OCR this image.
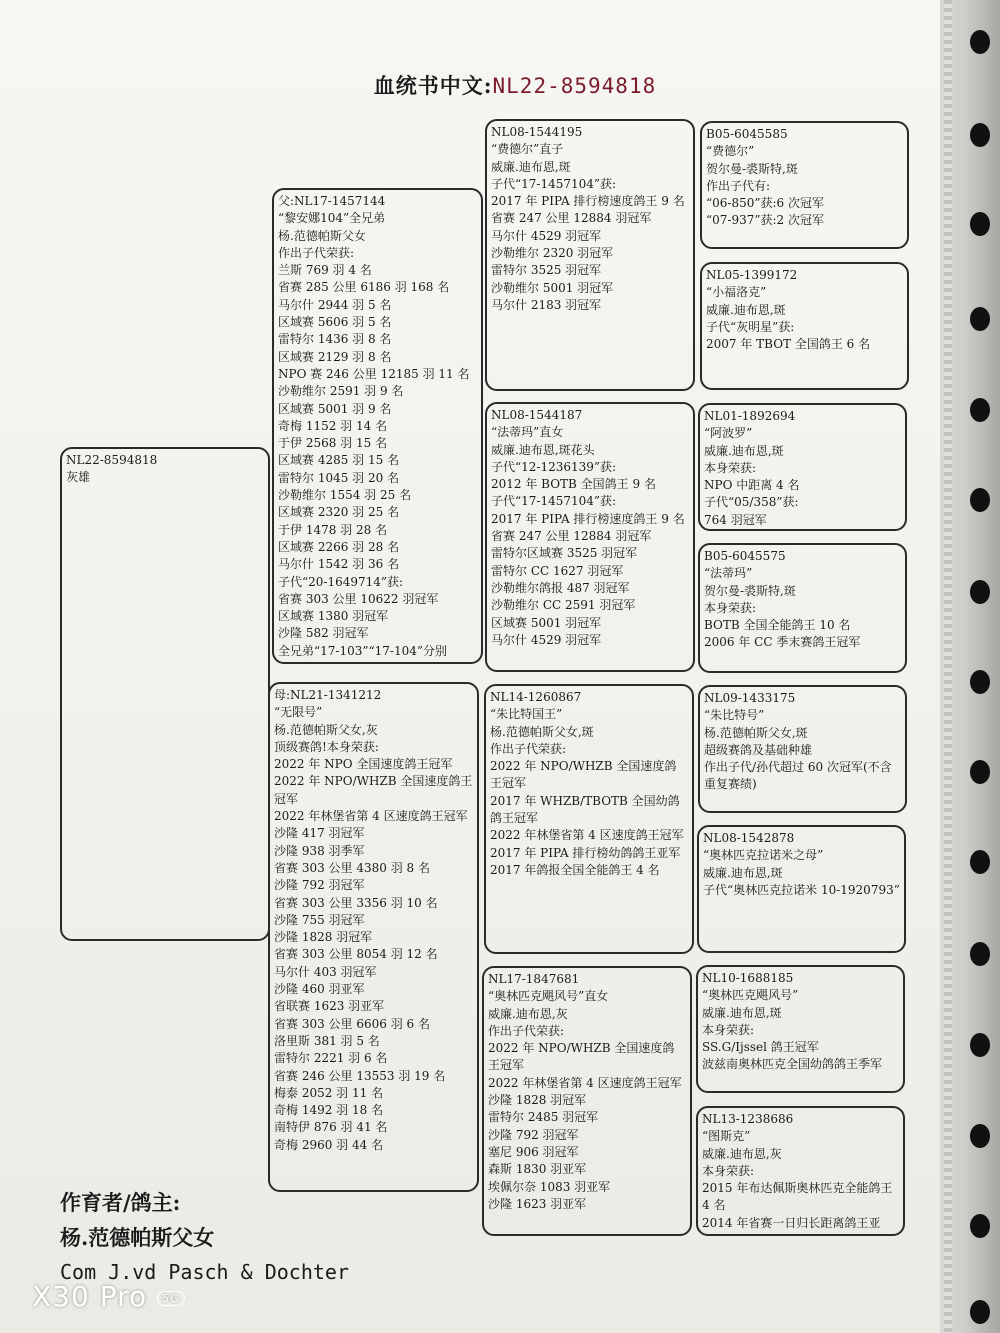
血统书中文:NL22-8594818
NL22-8594818
灰雄
父:NL17-1457144
“黎安娜104”全兄弟
杨.范德帕斯父女
作出子代荣获:
兰斯 769 羽 4 名
省赛 285 公里 6186 羽 168 名
马尔什 2944 羽 5 名
区域赛 5606 羽 5 名
雷特尔 1436 羽 8 名
区域赛 2129 羽 8 名
NPO 赛 246 公里 12185 羽 11 名
沙勒维尔 2591 羽 9 名
区域赛 5001 羽 9 名
奇梅 1152 羽 14 名
于伊 2568 羽 15 名
区域赛 4285 羽 15 名
雷特尔 1045 羽 20 名
沙勒维尔 1554 羽 25 名
区域赛 2320 羽 25 名
于伊 1478 羽 28 名
区域赛 2266 羽 28 名
马尔什 1542 羽 36 名
子代“20-1649714”获:
省赛 303 公里 10622 羽冠军
区域赛 1380 羽冠军
沙隆 582 羽冠军
全兄弟“17-103”“17-104”分别
母:NL21-1341212
“无限号”
杨.范德帕斯父女,灰
顶级赛鸽!本身荣获:
2022 年 NPO 全国速度鸽王冠军
2022 年 NPO/WHZB 全国速度鸽王冠军
2022 年林堡省第 4 区速度鸽王冠军
沙隆 417 羽冠军
沙隆 938 羽季军
省赛 303 公里 4380 羽 8 名
沙隆 792 羽冠军
省赛 303 公里 3356 羽 10 名
沙隆 755 羽冠军
沙隆 1828 羽冠军
省赛 303 公里 8054 羽 12 名
马尔什 403 羽冠军
沙隆 460 羽亚军
省联赛 1623 羽亚军
省赛 303 公里 6606 羽 6 名
洛里斯 381 羽 5 名
雷特尔 2221 羽 6 名
省赛 246 公里 13553 羽 19 名
梅泰 2052 羽 11 名
奇梅 1492 羽 18 名
南特伊 876 羽 41 名
奇梅 2960 羽 44 名
NL08-1544195
“费德尔”直子
威廉.迪布恩,斑
子代“17-1457104”获:
2017 年 PIPA 排行榜速度鸽王 9 名
省赛 247 公里 12884 羽冠军
马尔什 4529 羽冠军
沙勒维尔 2320 羽冠军
雷特尔 3525 羽冠军
沙勒维尔 5001 羽冠军
马尔什 2183 羽冠军
NL08-1544187
“法蒂玛”直女
威廉.迪布恩,斑花头
子代“12-1236139”获:
2012 年 BOTB 全国鸽王 9 名
子代“17-1457104”获:
2017 年 PIPA 排行榜速度鸽王 9 名
省赛 247 公里 12884 羽冠军
雷特尔区域赛 3525 羽冠军
雷特尔 CC 1627 羽冠军
沙勒维尔鸽报 487 羽冠军
沙勒维尔 CC 2591 羽冠军
区域赛 5001 羽冠军
马尔什 4529 羽冠军
NL14-1260867
“朱比特国王”
杨.范德帕斯父女,斑
作出子代荣获:
2022 年 NPO/WHZB 全国速度鸽王冠军
2017 年 WHZB/TBOTB 全国幼鸽鸽王冠军
2022 年林堡省第 4 区速度鸽王冠军
2017 年 PIPA 排行榜幼鸽鸽王亚军
2017 年鸽报全国全能鸽王 4 名
NL17-1847681
“奥林匹克飓风号”直女
威廉.迪布恩,灰
作出子代荣获:
2022 年 NPO/WHZB 全国速度鸽王冠军
2022 年林堡省第 4 区速度鸽王冠军
沙隆 1828 羽冠军
雷特尔 2485 羽冠军
沙隆 792 羽冠军
塞尼 906 羽冠军
森斯 1830 羽亚军
埃佩尔奈 1083 羽亚军
沙隆 1623 羽亚军
B05-6045585
“费德尔”
贺尔曼-裘斯特,斑
作出子代有:
“06-850”获:6 次冠军
“07-937”获:2 次冠军
NL05-1399172
“小福洛克”
威廉.迪布恩,斑
子代“灰明星”获:
2007 年 TBOT 全国鸽王 6 名
NL01-1892694
“阿波罗”
威廉.迪布恩,斑
本身荣获:
NPO 中距离 4 名
子代“05/358”获:
764 羽冠军
B05-6045575
“法蒂玛”
贺尔曼-裘斯特,斑
本身荣获:
BOTB 全国全能鸽王 10 名
2006 年 CC 季末赛鸽王冠军
NL09-1433175
“朱比特号”
杨.范德帕斯父女,斑
超级赛鸽及基础种雄
作出子代/孙代超过 60 次冠军(不含重复赛绩)
NL08-1542878
“奥林匹克拉诺米之母”
威廉.迪布恩,斑
子代“奥林匹克拉诺米 10-1920793”
NL10-1688185
“奥林匹克飓风号”
威廉.迪布恩,斑
本身荣获:
SS.G/Ijssel 鸽王冠军
波兹南奥林匹克全国幼鸽鸽王季军
NL13-1238686
“图斯克”
威廉.迪布恩,灰
本身荣获:
2015 年布达佩斯奥林匹克全能鸽王 4 名
2014 年省赛一日归长距离鸽王亚
作育者/鸽主:
杨.范德帕斯父女
Com J.vd Pasch & Dochter
X30 Pro 5G
